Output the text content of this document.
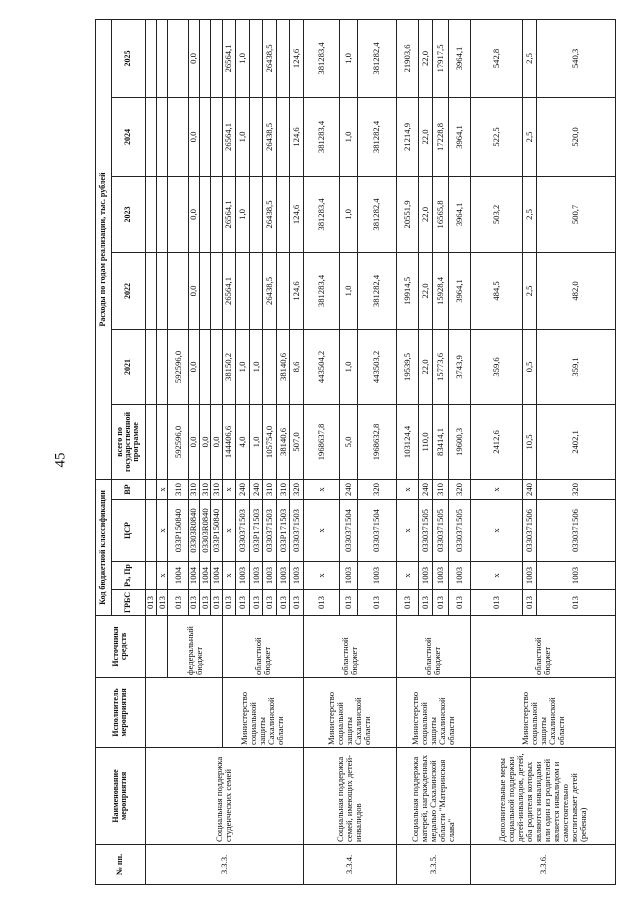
45
№ пп.	Наименование мероприятия	Исполнитель мероприятия	Источники средств	Код бюджетной классификации				Расходы по годам реализации, тыс. рублей					
				ГРБС	Рз, Пр	ЦСР	ВР	всего по государственной программе	2021	2022	2023	2024	2025
3.3.3.	Социальная поддержка студенческих семей			013									
				013	x	x	x						
			федеральный бюджет	013	1004	033P150840	310	592596,0	592596,0				
				013	1004	03303R0840	310	0,0	0,0	0,0	0,0	0,0	0,0
				013	1004	03303R0840	310	0,0					
				013	1004	033P150840	310	0,0					
		Министерство социальной защиты Сахалинской области	областной бюджет	013	x	x	x	144406,6	38150,2	26564,1	26564,1	26564,1	26564,1
				013	1003	0330371503	240	4,0	1,0		1,0	1,0	1,0
				013	1003	033P171503	240	1,0	1,0				
				013	1003	0330371503	310	105754,0		26438,5	26438,5	26438,5	26438,5
				013	1003	033P171503	310	38140,6	38140,6				
				013	1003	0330371503	320	507,0	8,6	124,6	124,6	124,6	124,6
3.3.4.	Социальная поддержка семей, имеющих детей-инвалидов	Министерство социальной защиты Сахалинской области	областной бюджет	013	x	x	x	1968637,8	443504,2	381283,4	381283,4	381283,4	381283,4
				013	1003	0330371504	240	5,0	1,0	1,0	1,0	1,0	1,0
				013	1003	0330371504	320	1968632,8	443503,2	381282,4	381282,4	381282,4	381282,4
3.3.5.	Социальная поддержка матерей, награжденных медалью Сахалинской области "Материнская слава"	Министерство социальной защиты Сахалинской области	областной бюджет	013	x	x	x	103124,4	19539,5	19914,5	20551,9	21214,9	21903,6
				013	1003	0330371505	240	110,0	22,0	22,0	22,0	22,0	22,0
				013	1003	0330371505	310	83414,1	15773,6	15928,4	16565,8	17228,8	17917,5
				013	1003	0330371505	320	19600,3	3743,9	3964,1	3964,1	3964,1	3964,1
3.3.6.	Дополнительные меры социальной поддержки детей-инвалидов, детей, оба родителя которых являются инвалидами или один из родителей является инвалидом и самостоятельно воспитывает детей (ребенка)	Министерство социальной защиты Сахалинской области	областной бюджет	013	x	x	x	2412,6	359,6	484,5	503,2	522,5	542,8
				013	1003	0330371506	240	10,5	0,5	2,5	2,5	2,5	2,5
				013	1003	0330371506	320	2402,1	359,1	482,0	500,7	520,0	540,3
